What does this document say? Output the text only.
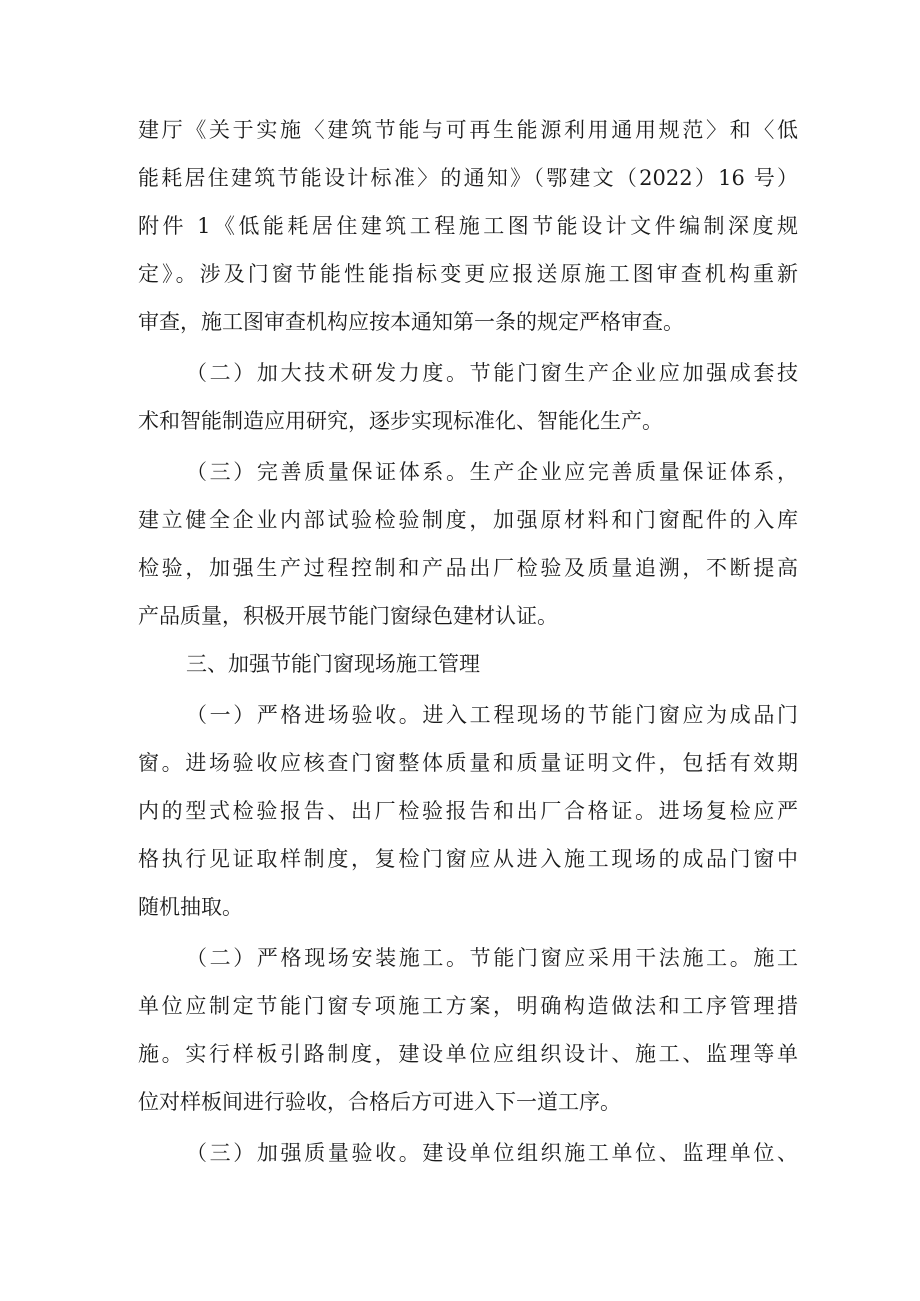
建厅《关于实施〈建筑节能与可再生能源利用通用规范〉和〈低
能耗居住建筑节能设计标准〉的通知》（鄂建文（2022）16 号）
附件 1《低能耗居住建筑工程施工图节能设计文件编制深度规
定》。涉及门窗节能性能指标变更应报送原施工图审查机构重新
审查，施工图审查机构应按本通知第一条的规定严格审查。
（二）加大技术研发力度。节能门窗生产企业应加强成套技
术和智能制造应用研究，逐步实现标准化、智能化生产。
（三）完善质量保证体系。生产企业应完善质量保证体系，
建立健全企业内部试验检验制度，加强原材料和门窗配件的入库
检验，加强生产过程控制和产品出厂检验及质量追溯，不断提高
产品质量，积极开展节能门窗绿色建材认证。
三、加强节能门窗现场施工管理
（一）严格进场验收。进入工程现场的节能门窗应为成品门
窗。进场验收应核查门窗整体质量和质量证明文件，包括有效期
内的型式检验报告、出厂检验报告和出厂合格证。进场复检应严
格执行见证取样制度，复检门窗应从进入施工现场的成品门窗中
随机抽取。
（二）严格现场安装施工。节能门窗应采用干法施工。施工
单位应制定节能门窗专项施工方案，明确构造做法和工序管理措
施。实行样板引路制度，建设单位应组织设计、施工、监理等单
位对样板间进行验收，合格后方可进入下一道工序。
（三）加强质量验收。建设单位组织施工单位、监理单位、
